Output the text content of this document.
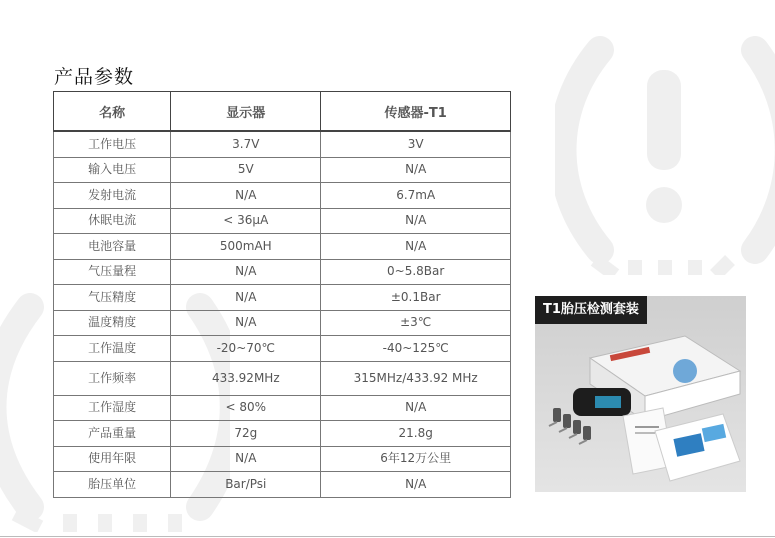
产品参数
名称	显示器	传感器-T1
工作电压	3.7V	3V
输入电压	5V	N/A
发射电流	N/A	6.7mA
休眠电流	< 36μA	N/A
电池容量	500mAH	N/A
气压量程	N/A	0~5.8Bar
气压精度	N/A	±0.1Bar
温度精度	N/A	±3℃
工作温度	-20~70℃	-40~125℃
工作频率	433.92MHz	315MHz/433.92 MHz
工作湿度	< 80%	N/A
产品重量	72g	21.8g
使用年限	N/A	6年12万公里
胎压单位	Bar/Psi	N/A
T1胎压检测套装
